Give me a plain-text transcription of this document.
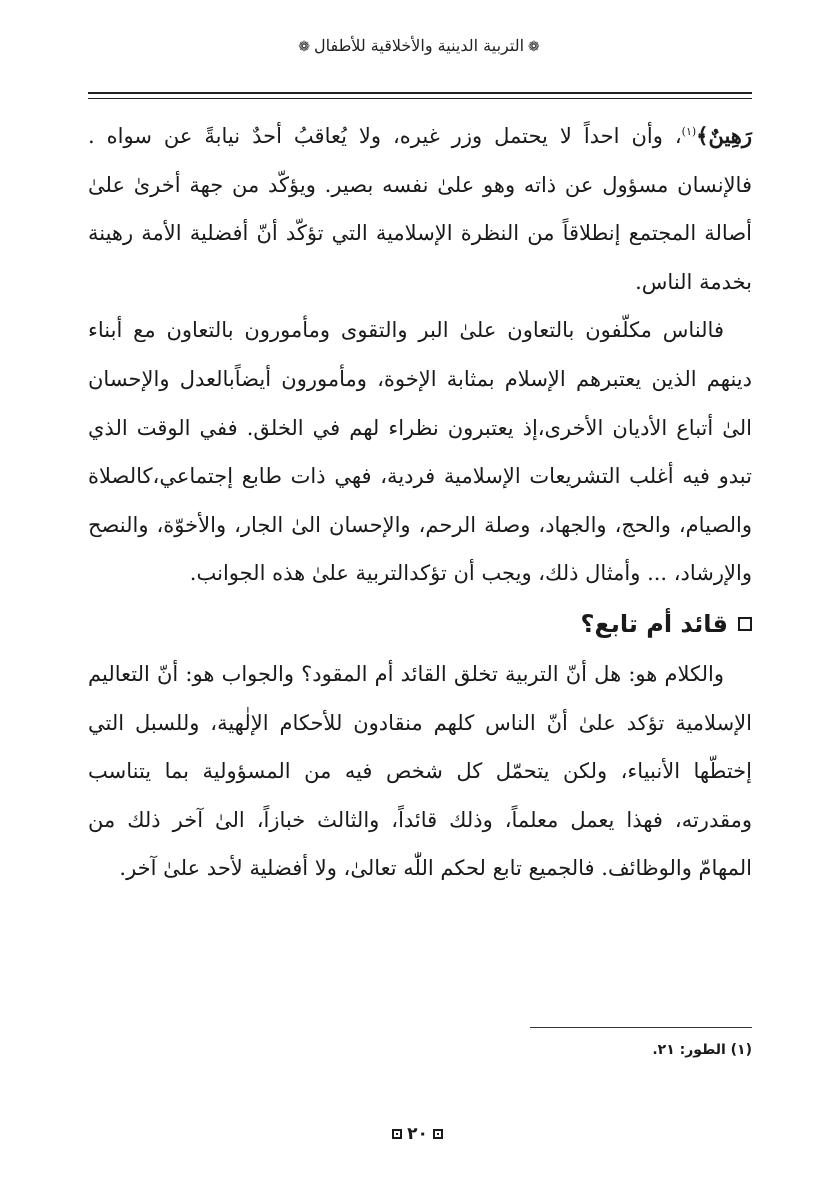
❁التربية الدينية والأخلاقية للأطفال❁

رَهِينٌ﴾$^{(١)}$، وأن احداً لا يحتمل وزر غيره، ولا يُعاقبُ أحدٌ نيابةً عن سواه . فالإنسان مسؤول عن ذاته وهو علىٰ نفسه بصير. ويؤكّد من جهة أخرىٰ علىٰ أصالة المجتمع إنطلاقاً من النظرة الإسلامية التي تؤكّد أنّ أفضلية الأمة رهينة بخدمة الناس.

فالناس مكلّفون بالتعاون علىٰ البر والتقوى ومأمورون بالتعاون مع أبناء دينهم الذين يعتبرهم الإسلام بمثابة الإخوة، ومأمورون أيضاًبالعدل والإحسان الىٰ أتباع الأديان الأخرى،إذ يعتبرون نظراء لهم في الخلق. ففي الوقت الذي تبدو فيه أغلب التشريعات الإسلامية فردية، فهي ذات طابع إجتماعي،كالصلاة والصيام، والحج، والجهاد، وصلة الرحم، والإحسان الىٰ الجار، والأخوّة، والنصح والإرشاد، ... وأمثال ذلك، ويجب أن تؤكدالتربية علىٰ هذه الجوانب.

قائد أم تابع؟

والكلام هو: هل أنّ التربية تخلق القائد أم المقود؟ والجواب هو: أنّ التعاليم الإسلامية تؤكد علىٰ أنّ الناس كلهم منقادون للأحكام الإلٰهية، وللسبل التي إختطّها الأنبياء، ولكن يتحمّل كل شخص فيه من المسؤولية بما يتناسب ومقدرته، فهذا يعمل معلماً، وذلك قائداً، والثالث خبازاً، الىٰ آخر ذلك من المهامّ والوظائف. فالجميع تابع لحكم اللّٰه تعالىٰ، ولا أفضلية لأحد علىٰ آخر.

(١) الطور: ٢١.
٢٠
